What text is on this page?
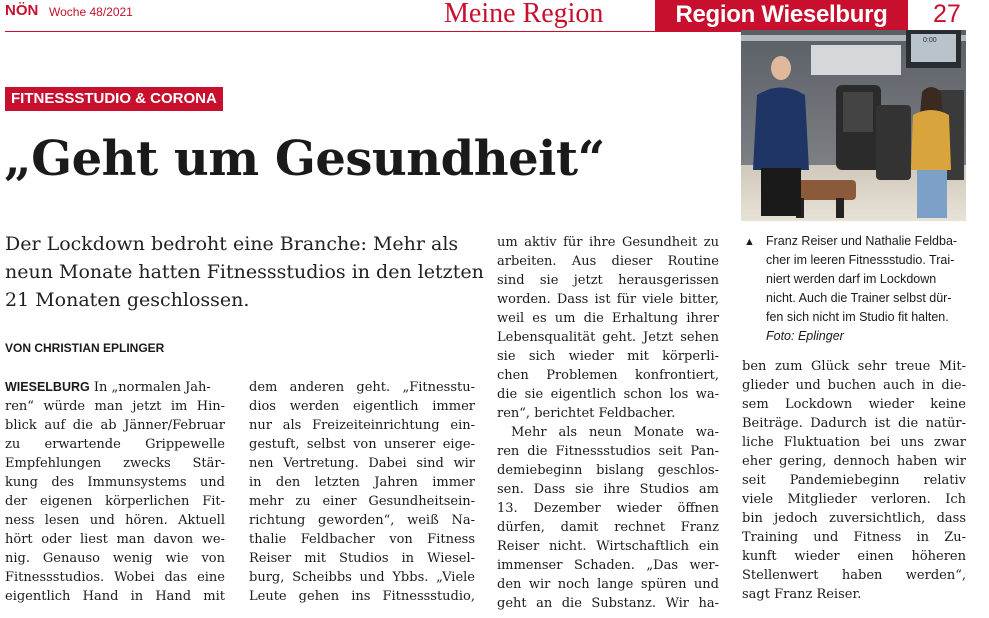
NÖN Woche 48/2021	Meine Region	Region Wieselburg	27
FITNESSSTUDIO & CORONA
„Geht um Gesundheit“
Der Lockdown bedroht eine Branche: Mehr als neun Monate hatten Fitnessstudios in den letzten 21 Monaten geschlossen.
VON CHRISTIAN EPLINGER
WIESELBURG In „normalen Jah-
ren“ würde man jetzt im Hin-
blick auf die ab Jänner/Februar
zu erwartende Grippewelle
Empfehlungen zwecks Stär-
kung des Immunsystems und
der eigenen körperlichen Fit-
ness lesen und hören. Aktuell
hört oder liest man davon we-
nig. Genauso wenig wie von
Fitnessstudios. Wobei das eine
eigentlich Hand in Hand mit
dem anderen geht. „Fitnesstu-
dios werden eigentlich immer
nur als Freizeiteinrichtung ein-
gestuft, selbst von unserer eige-
nen Vertretung. Dabei sind wir
in den letzten Jahren immer
mehr zu einer Gesundheitsein-
richtung geworden“, weiß Na-
thalie Feldbacher von Fitness
Reiser mit Studios in Wiesel-
burg, Scheibbs und Ybbs. „Viele
Leute gehen ins Fitnessstudio,
um aktiv für ihre Gesundheit zu
arbeiten. Aus dieser Routine
sind sie jetzt herausgerissen
worden. Dass ist für viele bitter,
weil es um die Erhaltung ihrer
Lebensqualität geht. Jetzt sehen
sie sich wieder mit körperli-
chen Problemen konfrontiert,
die sie eigentlich schon los wa-
ren“, berichtet Feldbacher.
Mehr als neun Monate wa-
ren die Fitnessstudios seit Pan-
demiebeginn bislang geschlos-
sen. Dass sie ihre Studios am
13. Dezember wieder öffnen
dürfen, damit rechnet Franz
Reiser nicht. Wirtschaftlich ein
immenser Schaden. „Das wer-
den wir noch lange spüren und
geht an die Substanz. Wir ha-
ben zum Glück sehr treue Mit-
glieder und buchen auch in die-
sem Lockdown wieder keine
Beiträge. Dadurch ist die natür-
liche Fluktuation bei uns zwar
eher gering, dennoch haben wir
seit Pandemiebeginn relativ
viele Mitglieder verloren. Ich
bin jedoch zuversichtlich, dass
Training und Fitness in Zu-
kunft wieder einen höheren
Stellenwert haben werden“,
sagt Franz Reiser.
0:00
▲ Franz Reiser und Nathalie Feldba-
cher im leeren Fitnessstudio. Trai-
niert werden darf im Lockdown
nicht. Auch die Trainer selbst dür-
fen sich nicht im Studio fit halten.
Foto: Eplinger
